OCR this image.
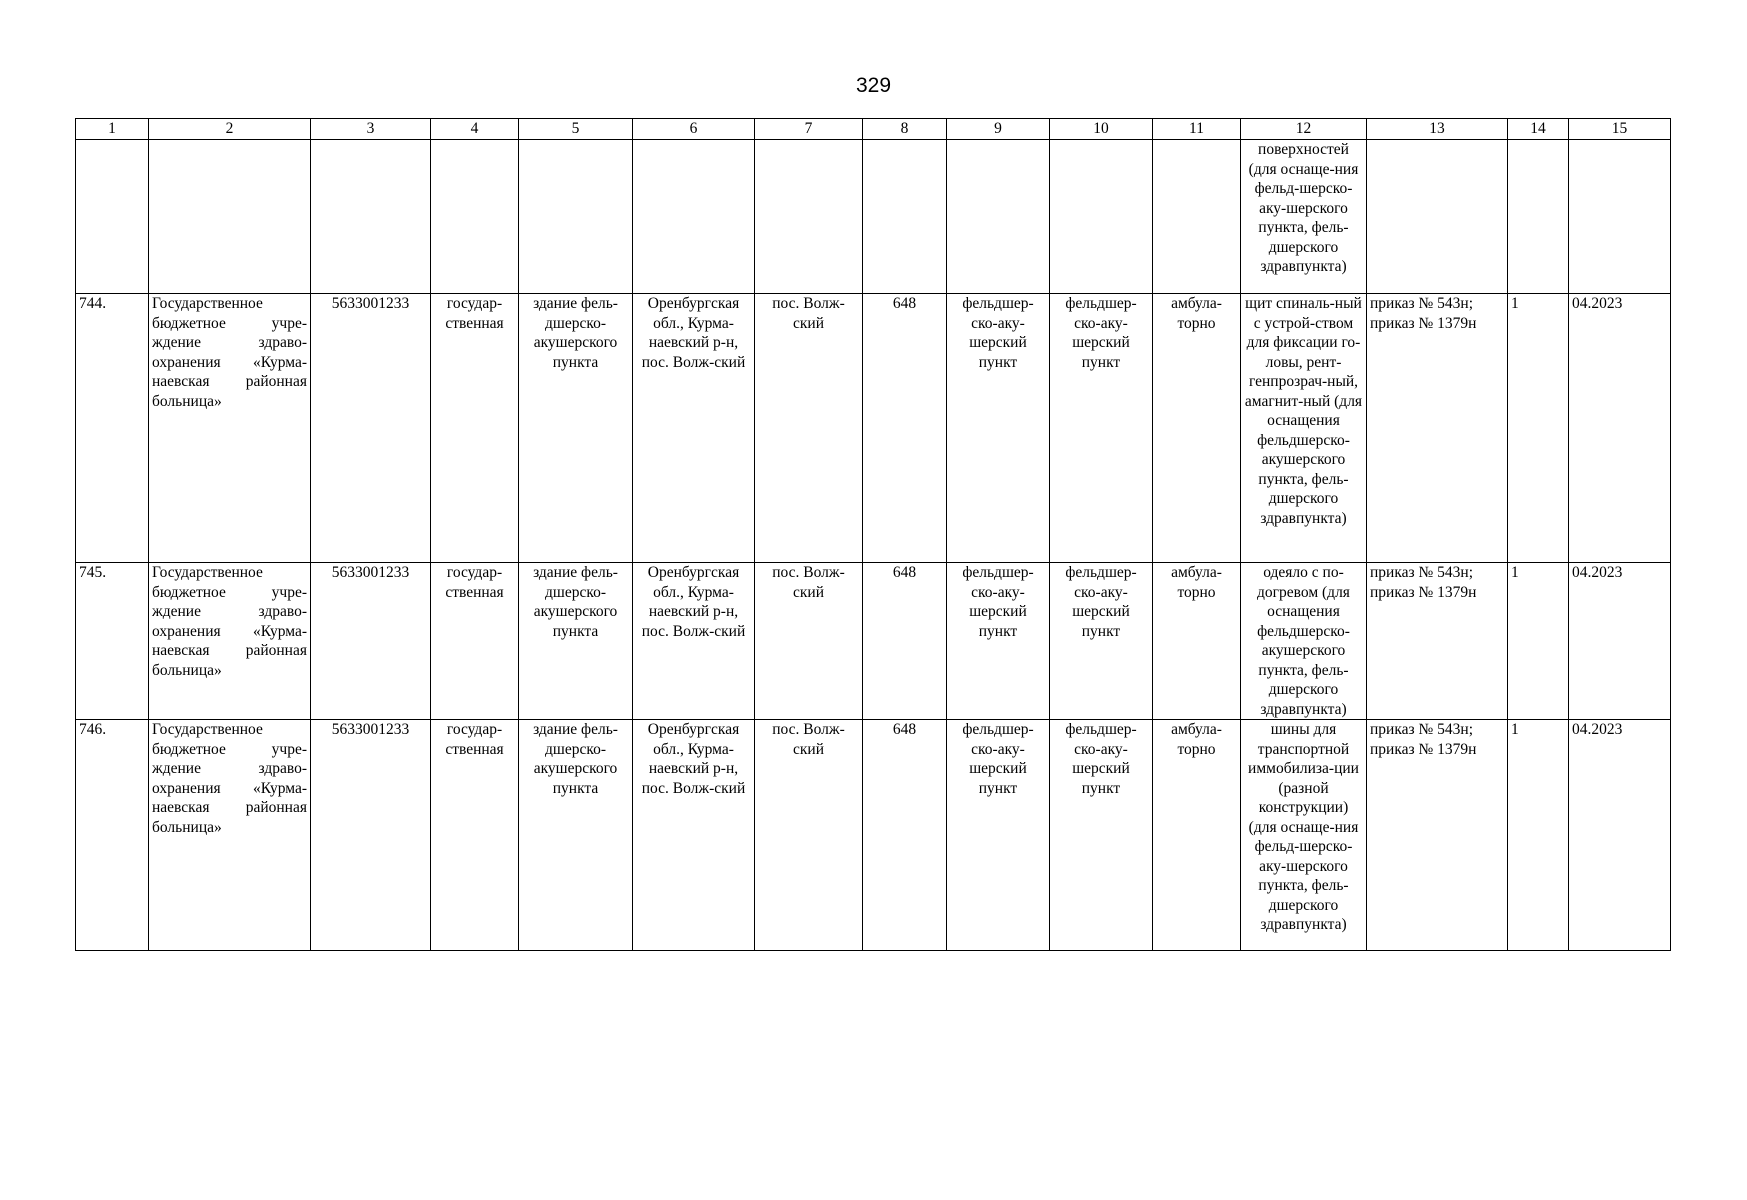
329
1	2	3	4	5	6	7	8	9	10	11	12	13	14	15
											поверхностей (для оснаще-ния фельд-шерско-аку-шерского пункта, фель-дшерского здравпункта)			
744.	Государственное бюджетное учре-ждение здраво-охранения «Курма-наевская районная больница»	5633001233	государ-ственная	здание фель-дшерско-акушерского пункта	Оренбургская обл., Курма-наевский р-н, пос. Волж-ский	пос. Волж-ский	648	фельдшер-ско-аку-шерский пункт	фельдшер-ско-аку-шерский пункт	амбула-торно	щит спиналь-ный с устрой-ством для фиксации го-ловы, рент-генпрозрач-ный, амагнит-ный (для оснащения фельдшерско-акушерского пункта, фель-дшерского здравпункта)	приказ № 543н; приказ № 1379н	1	04.2023
745.	Государственное бюджетное учре-ждение здраво-охранения «Курма-наевская районная больница»	5633001233	государ-ственная	здание фель-дшерско-акушерского пункта	Оренбургская обл., Курма-наевский р-н, пос. Волж-ский	пос. Волж-ский	648	фельдшер-ско-аку-шерский пункт	фельдшер-ско-аку-шерский пункт	амбула-торно	одеяло с по-догревом (для оснащения фельдшерско-акушерского пункта, фель-дшерского здравпункта)	приказ № 543н; приказ № 1379н	1	04.2023
746.	Государственное бюджетное учре-ждение здраво-охранения «Курма-наевская районная больница»	5633001233	государ-ственная	здание фель-дшерско-акушерского пункта	Оренбургская обл., Курма-наевский р-н, пос. Волж-ский	пос. Волж-ский	648	фельдшер-ско-аку-шерский пункт	фельдшер-ско-аку-шерский пункт	амбула-торно	шины для транспортной иммобилиза-ции (разной конструкции) (для оснаще-ния фельд-шерско-аку-шерского пункта, фель-дшерского здравпункта)	приказ № 543н; приказ № 1379н	1	04.2023
